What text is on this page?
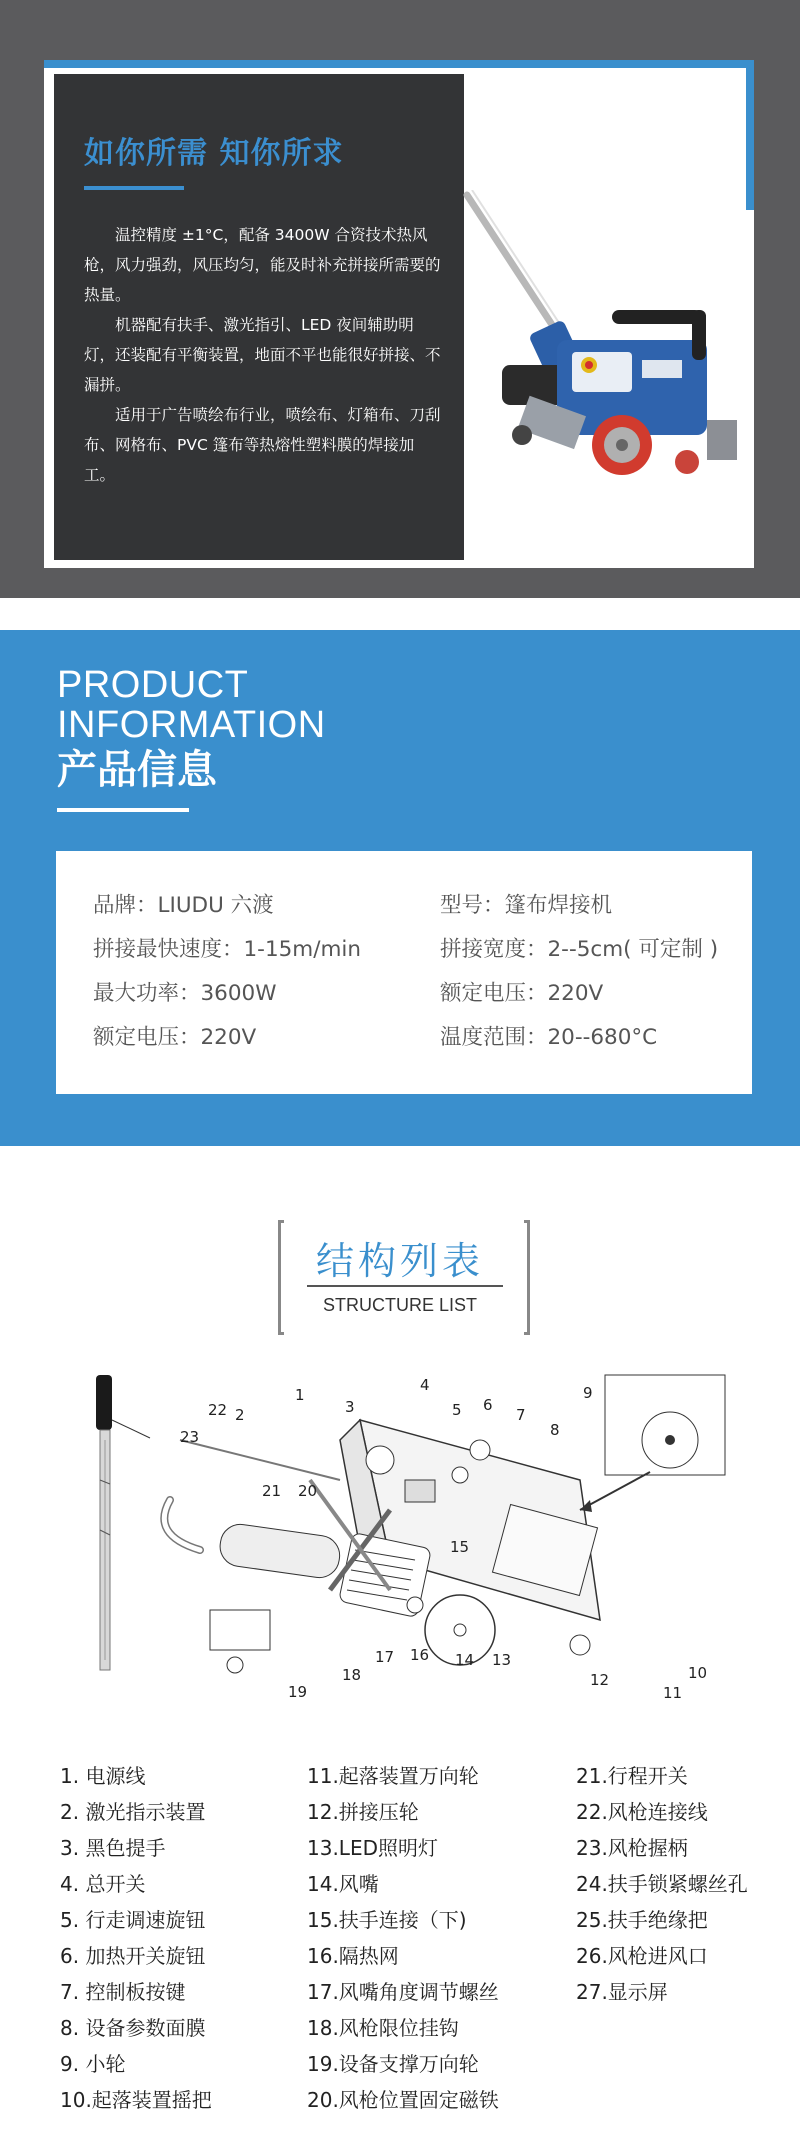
如你所需 知你所求

温控精度 ±1°C，配备 3400W 合资技术热风枪，风力强劲，风压均匀，能及时补充拼接所需要的热量。

机器配有扶手、激光指引、LED 夜间辅助明灯，还装配有平衡装置，地面不平也能很好拼接、不漏拼。

适用于广告喷绘布行业，喷绘布、灯箱布、刀刮布、网格布、PVC 篷布等热熔性塑料膜的焊接加工。

PRODUCT
INFORMATION
产品信息
品牌：LIUDU 六渡	型号：篷布焊接机
拼接最快速度：1-15m/min	拼接宽度：2--5cm( 可定制 )
最大功率：3600W	额定电压：220V
额定电压：220V	温度范围：20--680°C
结构列表
STRUCTURE LIST
1
2	3
4
5 6
7
8
9
10
11
12
13
14
15
16
17
18
19
20
21
22
23
1. 电源线
2. 激光指示装置
3. 黑色提手
4. 总开关
5. 行走调速旋钮
6. 加热开关旋钮
7. 控制板按键
8. 设备参数面膜
9. 小轮
10.起落装置摇把
11.起落装置万向轮
12.拼接压轮
13.LED照明灯
14.风嘴
15.扶手连接（下)
16.隔热网
17.风嘴角度调节螺丝
18.风枪限位挂钩
19.设备支撑万向轮
20.风枪位置固定磁铁
21.行程开关
22.风枪连接线
23.风枪握柄
24.扶手锁紧螺丝孔
25.扶手绝缘把
26.风枪进风口
27.显示屏
